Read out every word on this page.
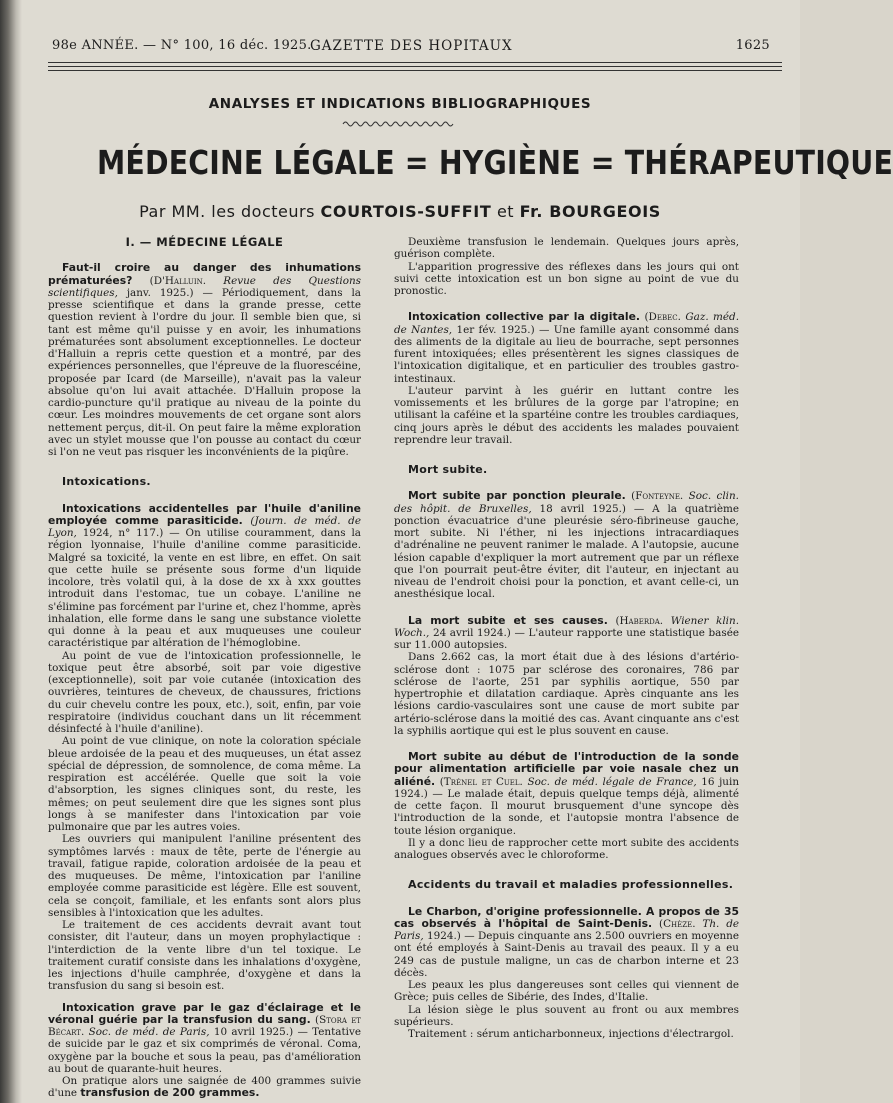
98e ANNÉE. — N° 100, 16 déc. 1925.
GAZETTE DES HOPITAUX	1625
ANALYSES ET INDICATIONS BIBLIOGRAPHIQUES
MÉDECINE LÉGALE = HYGIÈNE = THÉRAPEUTIQUE
Par MM. les docteurs COURTOIS-SUFFIT et Fr. BOURGEOIS
I. — MÉDECINE LÉGALE

Faut-il croire au danger des inhumations prématurées? (D'Halluin. Revue des Questions scientifiques, janv. 1925.) — Périodiquement, dans la presse scientifique et dans la grande presse, cette question revient à l'ordre du jour. Il semble bien que, si tant est même qu'il puisse y en avoir, les inhumations prématurées sont absolument exceptionnelles. Le docteur d'Halluin a repris cette question et a montré, par des expériences personnelles, que l'épreuve de la fluorescéine, proposée par Icard (de Marseille), n'avait pas la valeur absolue qu'on lui avait attachée. D'Halluin propose la cardio-puncture qu'il pratique au niveau de la pointe du cœur. Les moindres mouvements de cet organe sont alors nettement perçus, dit-il. On peut faire la même exploration avec un stylet mousse que l'on pousse au contact du cœur si l'on ne veut pas risquer les inconvénients de la piqûre.

Intoxications.

Intoxications accidentelles par l'huile d'aniline employée comme parasiticide. (Journ. de méd. de Lyon, 1924, n° 117.) — On utilise couramment, dans la région lyonnaise, l'huile d'aniline comme parasiticide. Malgré sa toxicité, la vente en est libre, en effet. On sait que cette huile se présente sous forme d'un liquide incolore, très volatil qui, à la dose de xx à xxx gouttes introduit dans l'estomac, tue un cobaye. L'aniline ne s'élimine pas forcément par l'urine et, chez l'homme, après inhalation, elle forme dans le sang une substance violette qui donne à la peau et aux muqueuses une couleur caractéristique par altération de l'hémoglobine.

Au point de vue de l'intoxication professionnelle, le toxique peut être absorbé, soit par voie digestive (exceptionnelle), soit par voie cutanée (intoxication des ouvrières, teintures de cheveux, de chaussures, frictions du cuir chevelu contre les poux, etc.), soit, enfin, par voie respiratoire (individus couchant dans un lit récemment désinfecté à l'huile d'aniline).

Au point de vue clinique, on note la coloration spéciale bleue ardoisée de la peau et des muqueuses, un état assez spécial de dépression, de somnolence, de coma même. La respiration est accélérée. Quelle que soit la voie d'absorption, les signes cliniques sont, du reste, les mêmes; on peut seulement dire que les signes sont plus longs à se manifester dans l'intoxication par voie pulmonaire que par les autres voies.

Les ouvriers qui manipulent l'aniline présentent des symptômes larvés : maux de tête, perte de l'énergie au travail, fatigue rapide, coloration ardoisée de la peau et des muqueuses. De même, l'intoxication par l'aniline employée comme parasiticide est légère. Elle est souvent, cela se conçoit, familiale, et les enfants sont alors plus sensibles à l'intoxication que les adultes.

Le traitement de ces accidents devrait avant tout consister, dit l'auteur, dans un moyen prophylactique : l'interdiction de la vente libre d'un tel toxique. Le traitement curatif consiste dans les inhalations d'oxygène, les injections d'huile camphrée, d'oxygène et dans la transfusion du sang si besoin est.

Intoxication grave par le gaz d'éclairage et le véronal guérie par la transfusion du sang. (Stora et Bécart. Soc. de méd. de Paris, 10 avril 1925.) — Tentative de suicide par le gaz et six comprimés de véronal. Coma, oxygène par la bouche et sous la peau, pas d'amélioration au bout de quarante-huit heures.

On pratique alors une saignée de 400 grammes suivie d'une transfusion de 200 grammes.

Deuxième transfusion le lendemain. Quelques jours après, guérison complète.

L'apparition progressive des réflexes dans les jours qui ont suivi cette intoxication est un bon signe au point de vue du pronostic.

Intoxication collective par la digitale. (Debec. Gaz. méd. de Nantes, 1er fév. 1925.) — Une famille ayant consommé dans des aliments de la digitale au lieu de bourrache, sept personnes furent intoxiquées; elles présentèrent les signes classiques de l'intoxication digitalique, et en particulier des troubles gastro-intestinaux.

L'auteur parvint à les guérir en luttant contre les vomissements et les brûlures de la gorge par l'atropine; en utilisant la caféine et la spartéine contre les troubles cardiaques, cinq jours après le début des accidents les malades pouvaient reprendre leur travail.

Mort subite.

Mort subite par ponction pleurale. (Fonteyne. Soc. clin. des hôpit. de Bruxelles, 18 avril 1925.) — A la quatrième ponction évacuatrice d'une pleurésie séro-fibrineuse gauche, mort subite. Ni l'éther, ni les injections intracardiaques d'adrénaline ne peuvent ranimer le malade. A l'autopsie, aucune lésion capable d'expliquer la mort autrement que par un réflexe que l'on pourrait peut-être éviter, dit l'auteur, en injectant au niveau de l'endroit choisi pour la ponction, et avant celle-ci, un anesthésique local.

La mort subite et ses causes. (Haberda. Wiener klin. Woch., 24 avril 1924.) — L'auteur rapporte une statistique basée sur 11.000 autopsies.

Dans 2.662 cas, la mort était due à des lésions d'artério-sclérose dont : 1075 par sclérose des coronaires, 786 par sclérose de l'aorte, 251 par syphilis aortique, 550 par hypertrophie et dilatation cardiaque. Après cinquante ans les lésions cardio-vasculaires sont une cause de mort subite par artério-sclérose dans la moitié des cas. Avant cinquante ans c'est la syphilis aortique qui est le plus souvent en cause.

Mort subite au début de l'introduction de la sonde pour alimentation artificielle par voie nasale chez un aliéné. (Trénel et Cuel. Soc. de méd. légale de France, 16 juin 1924.) — Le malade était, depuis quelque temps déjà, alimenté de cette façon. Il mourut brusquement d'une syncope dès l'introduction de la sonde, et l'autopsie montra l'absence de toute lésion organique.

Il y a donc lieu de rapprocher cette mort subite des accidents analogues observés avec le chloroforme.

Accidents du travail et maladies professionnelles.

Le Charbon, d'origine professionnelle. A propos de 35 cas observés à l'hôpital de Saint-Denis. (Chèze. Th. de Paris, 1924.) — Depuis cinquante ans 2.500 ouvriers en moyenne ont été employés à Saint-Denis au travail des peaux. Il y a eu 249 cas de pustule maligne, un cas de charbon interne et 23 décès.

Les peaux les plus dangereuses sont celles qui viennent de Grèce; puis celles de Sibérie, des Indes, d'Italie.

La lésion siège le plus souvent au front ou aux membres supérieurs.

Traitement : sérum anticharbonneux, injections d'électrargol.
